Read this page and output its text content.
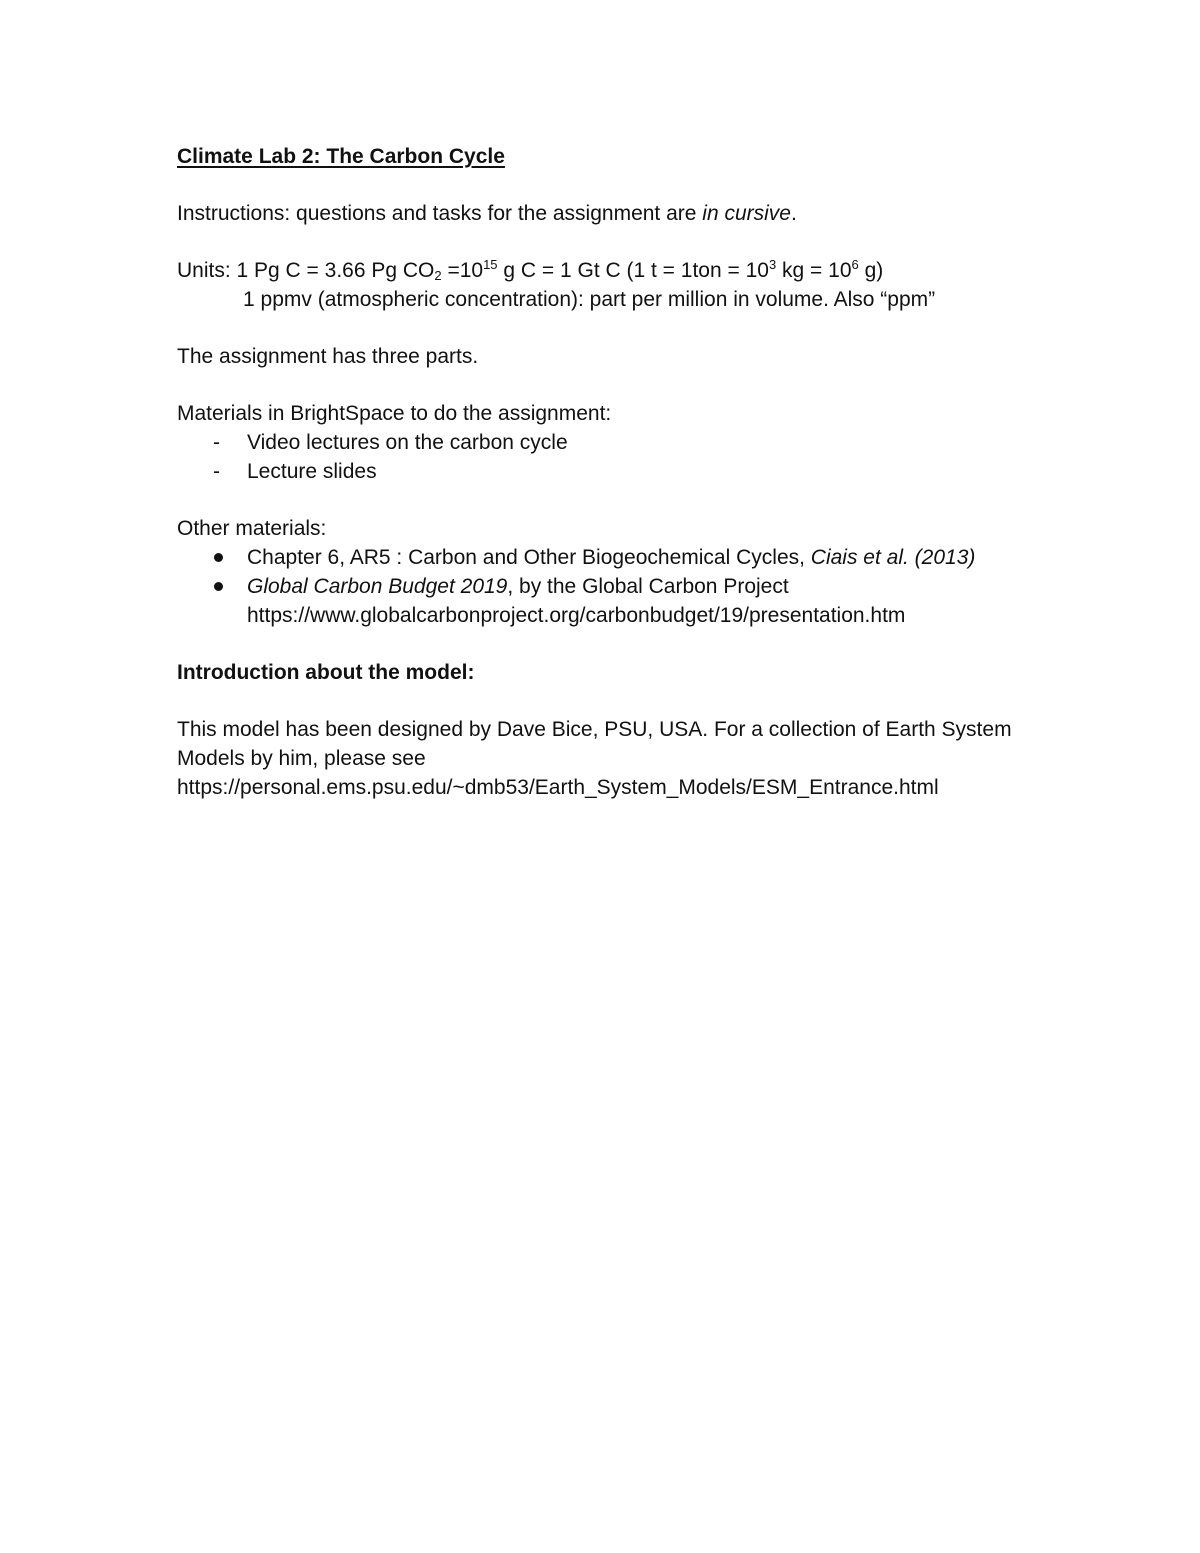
Climate Lab 2: The Carbon Cycle
Instructions: questions and tasks for the assignment are in cursive.
Units: 1 Pg C = 3.66 Pg $CO_2 =10^{15}$ g C = 1 Gt C (1 $t = 1ton = 10^3$ kg = $10^6$ g)
1 ppmv (atmospheric concentration): part per million in volume. Also “ppm”
The assignment has three parts.
Materials in BrightSpace to do the assignment:
-	Video lectures on the carbon cycle
-	Lecture slides
Other materials:
Chapter 6, AR5 : Carbon and Other Biogeochemical Cycles, Ciais et al. (2013)
Global Carbon Budget 2019, by the Global Carbon Project
https://www.globalcarbonproject.org/carbonbudget/19/presentation.htm
Introduction about the model:
This model has been designed by Dave Bice, PSU, USA. For a collection of Earth System
Models by him, please see
https://personal.ems.psu.edu/~dmb53/Earth_System_Models/ESM_Entrance.html
